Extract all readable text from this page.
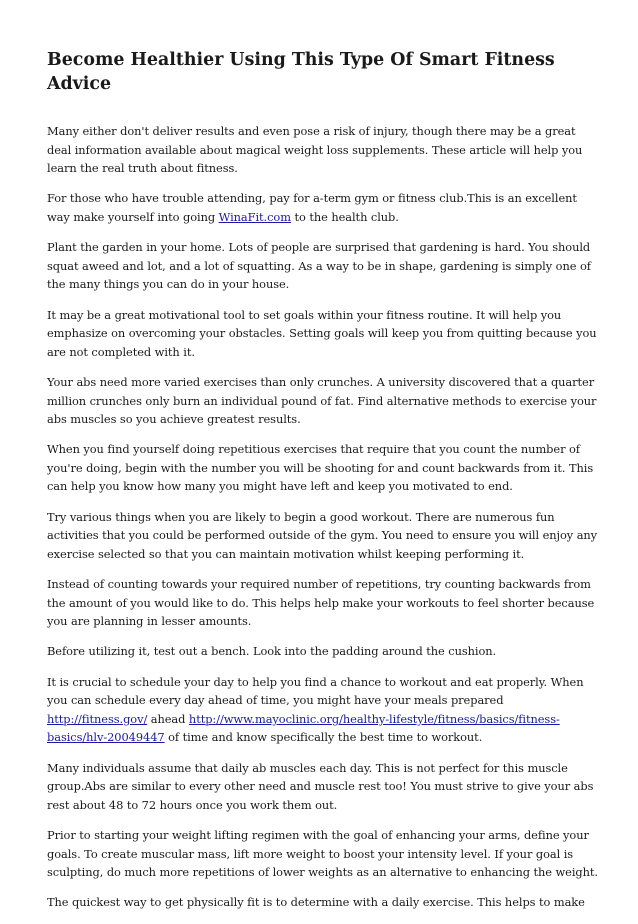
Become Healthier Using This Type Of Smart Fitness Advice

Many either don't deliver results and even pose a risk of injury, though there may be a great deal information available about magical weight loss supplements. These article will help you learn the real truth about fitness.

For those who have trouble attending, pay for a-term gym or fitness club.This is an excellent way make yourself into going WinaFit.com to the health club.

Plant the garden in your home. Lots of people are surprised that gardening is hard. You should squat aweed and lot, and a lot of squatting. As a way to be in shape, gardening is simply one of the many things you can do in your house.

It may be a great motivational tool to set goals within your fitness routine. It will help you emphasize on overcoming your obstacles. Setting goals will keep you from quitting because you are not completed with it.

Your abs need more varied exercises than only crunches. A university discovered that a quarter million crunches only burn an individual pound of fat. Find alternative methods to exercise your abs muscles so you achieve greatest results.

When you find yourself doing repetitious exercises that require that you count the number of you're doing, begin with the number you will be shooting for and count backwards from it. This can help you know how many you might have left and keep you motivated to end.

Try various things when you are likely to begin a good workout. There are numerous fun activities that you could be performed outside of the gym. You need to ensure you will enjoy any exercise selected so that you can maintain motivation whilst keeping performing it.

Instead of counting towards your required number of repetitions, try counting backwards from the amount of you would like to do. This helps help make your workouts to feel shorter because you are planning in lesser amounts.

Before utilizing it, test out a bench. Look into the padding around the cushion.

It is crucial to schedule your day to help you find a chance to workout and eat properly. When you can schedule every day ahead of time, you might have your meals prepared http://fitness.gov/ ahead http://www.mayoclinic.org/healthy-lifestyle/fitness/basics/fitness-basics/hlv-20049447 of time and know specifically the best time to workout.

Many individuals assume that daily ab muscles each day. This is not perfect for this muscle group.Abs are similar to every other need and muscle rest too! You must strive to give your abs rest about 48 to 72 hours once you work them out.

Prior to starting your weight lifting regimen with the goal of enhancing your arms, define your goals. To create muscular mass, lift more weight to boost your intensity level. If your goal is sculpting, do much more repetitions of lower weights as an alternative to enhancing the weight.

The quickest way to get physically fit is to determine with a daily exercise. This helps to make
